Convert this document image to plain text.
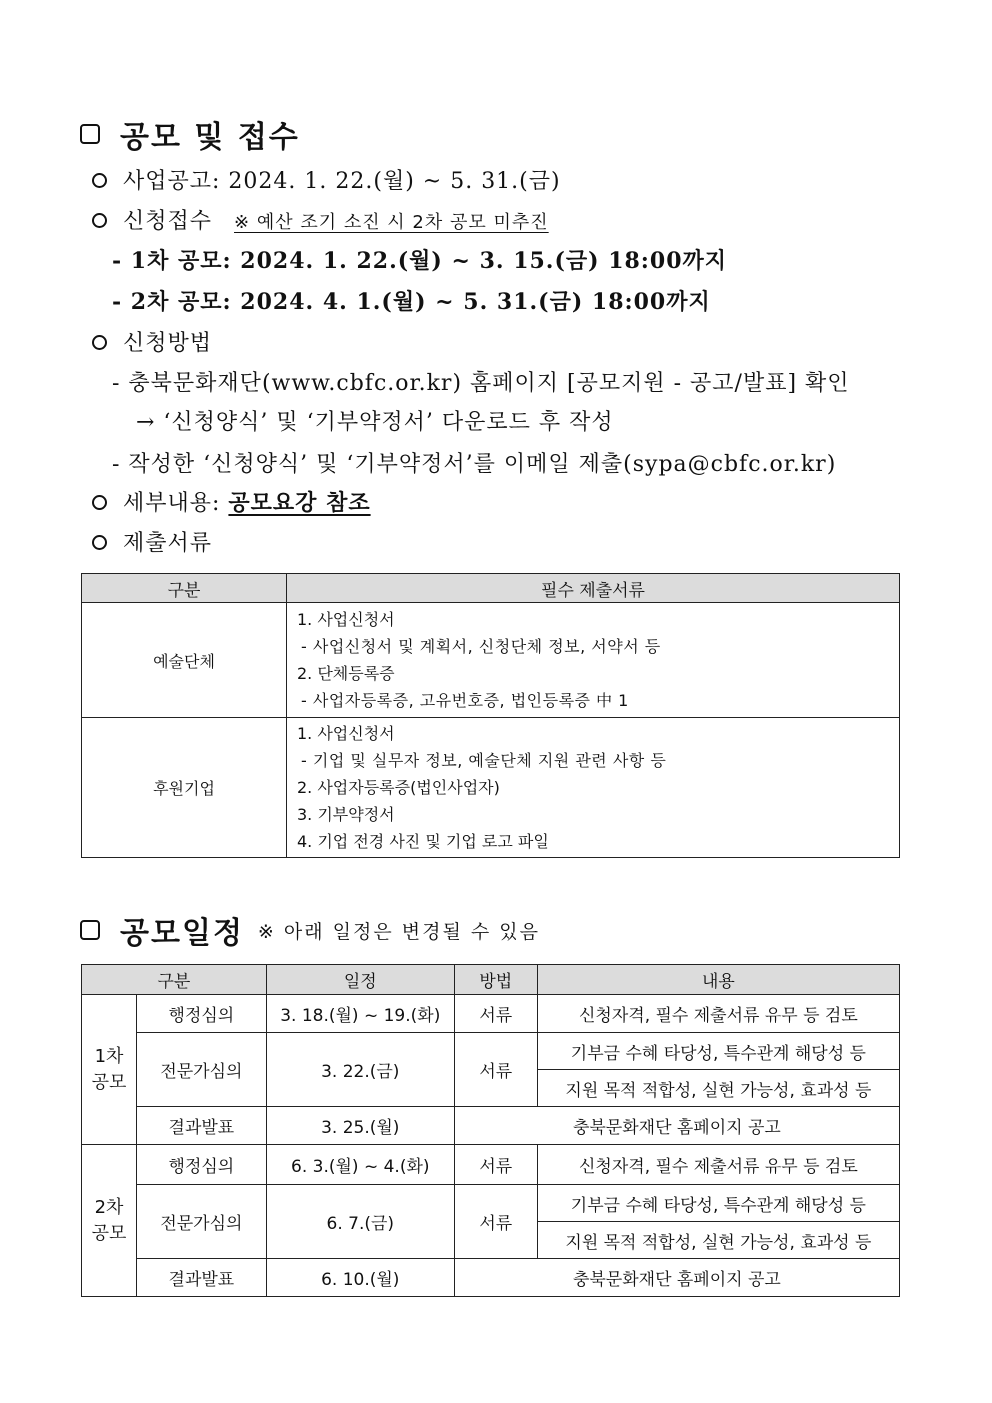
공모 및 접수
사업공고: 2024. 1. 22.(월) ~ 5. 31.(금)
신청접수 ※ 예산 조기 소진 시 2차 공모 미추진
- 1차 공모: 2024. 1. 22.(월) ~ 3. 15.(금) 18:00까지
- 2차 공모: 2024. 4. 1.(월) ~ 5. 31.(금) 18:00까지
신청방법
- 충북문화재단(www.cbfc.or.kr) 홈페이지 [공모지원 - 공고/발표] 확인
→ ‘신청양식’ 및 ‘기부약정서’ 다운로드 후 작성
- 작성한 ‘신청양식’ 및 ‘기부약정서’를 이메일 제출(sypa@cbfc.or.kr)
세부내용: 공모요강 참조
제출서류
구분	필수 제출서류
예술단체	1. 사업신청서
- 사업신청서 및 계획서, 신청단체 정보, 서약서 등
2. 단체등록증
- 사업자등록증, 고유번호증, 법인등록증 中 1

후원기업	1. 사업신청서
- 기업 및 실무자 정보, 예술단체 지원 관련 사항 등
2. 사업자등록증(법인사업자)
3. 기부약정서
4. 기업 전경 사진 및 기업 로고 파일
공모일정 ※ 아래 일정은 변경될 수 있음
구분		일정	방법	내용

1차
공모	행정심의	3. 18.(월) ~ 19.(화)	서류	신청자격, 필수 제출서류 유무 등 검토
	전문가심의	3. 22.(금)	서류	기부금 수혜 타당성, 특수관계 해당성 등
				지원 목적 적합성, 실현 가능성, 효과성 등
	결과발표	3. 25.(월)	충북문화재단 홈페이지 공고	

2차
공모	행정심의	6. 3.(월) ~ 4.(화)	서류	신청자격, 필수 제출서류 유무 등 검토
	전문가심의	6. 7.(금)	서류	기부금 수혜 타당성, 특수관계 해당성 등
				지원 목적 적합성, 실현 가능성, 효과성 등
	결과발표	6. 10.(월)	충북문화재단 홈페이지 공고	
